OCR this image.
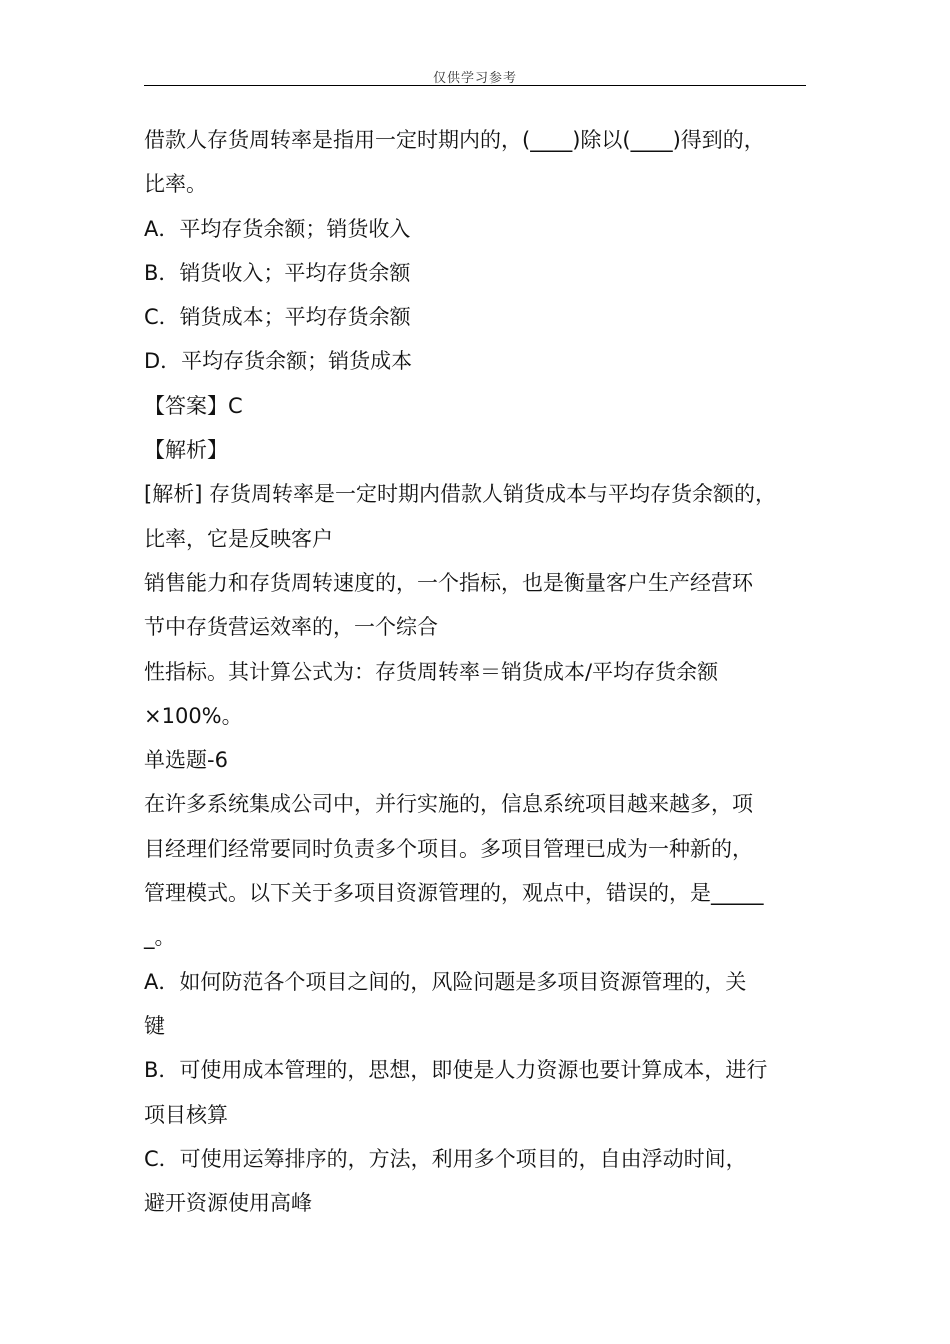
仅供学习参考
借款人存货周转率是指用一定时期内的，(____)除以(____)得到的，
比率。
A．平均存货余额；销货收入
B．销货收入；平均存货余额
C．销货成本；平均存货余额
D．平均存货余额；销货成本
【答案】C
【解析】
[解析] 存货周转率是一定时期内借款人销货成本与平均存货余额的，
比率，它是反映客户
销售能力和存货周转速度的，一个指标，也是衡量客户生产经营环
节中存货营运效率的，一个综合
性指标。其计算公式为：存货周转率＝销货成本/平均存货余额
×100%。
单选题-6
在许多系统集成公司中，并行实施的，信息系统项目越来越多，项
目经理们经常要同时负责多个项目。多项目管理已成为一种新的，
管理模式。以下关于多项目资源管理的，观点中，错误的，是_____
_。
A．如何防范各个项目之间的，风险问题是多项目资源管理的，关
键
B．可使用成本管理的，思想，即使是人力资源也要计算成本，进行
项目核算
C．可使用运筹排序的，方法，利用多个项目的，自由浮动时间，
避开资源使用高峰
